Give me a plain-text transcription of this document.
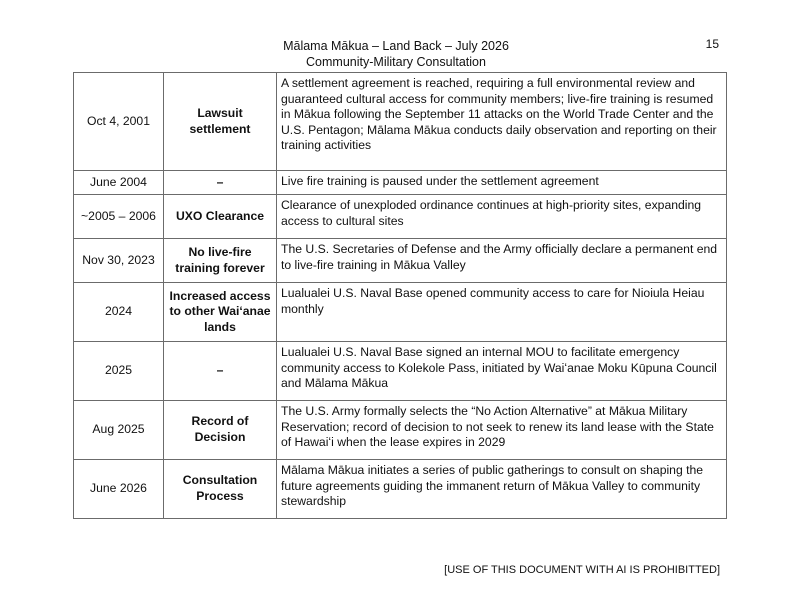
Mālama Mākua – Land Back – July 2026
Community-Military Consultation
15
Oct 4, 2001	Lawsuit settlement	A settlement agreement is reached, requiring a full environmental review and guaranteed cultural access for community members; live-fire training is resumed in Mākua following the September 11 attacks on the World Trade Center and the U.S. Pentagon; Mālama Mākua conducts daily observation and reporting on their training activities
June 2004	–	Live fire training is paused under the settlement agreement
~2005 – 2006	UXO Clearance	Clearance of unexploded ordinance continues at high-priority sites, expanding access to cultural sites
Nov 30, 2023	No live-fire training forever	The U.S. Secretaries of Defense and the Army officially declare a permanent end to live-fire training in Mākua Valley
2024	Increased access to other Waiʻanae lands	Lualualei U.S. Naval Base opened community access to care for Nioiula Heiau monthly
2025	–	Lualualei U.S. Naval Base signed an internal MOU to facilitate emergency community access to Kolekole Pass, initiated by Waiʻanae Moku Kūpuna Council and Mālama Mākua
Aug 2025	Record of Decision	The U.S. Army formally selects the “No Action Alternative” at Mākua Military Reservation; record of decision to not seek to renew its land lease with the State of Hawaiʻi when the lease expires in 2029
June 2026	Consultation Process	Mālama Mākua initiates a series of public gatherings to consult on shaping the future agreements guiding the immanent return of Mākua Valley to community stewardship
[USE OF THIS DOCUMENT WITH AI IS PROHIBITTED]
